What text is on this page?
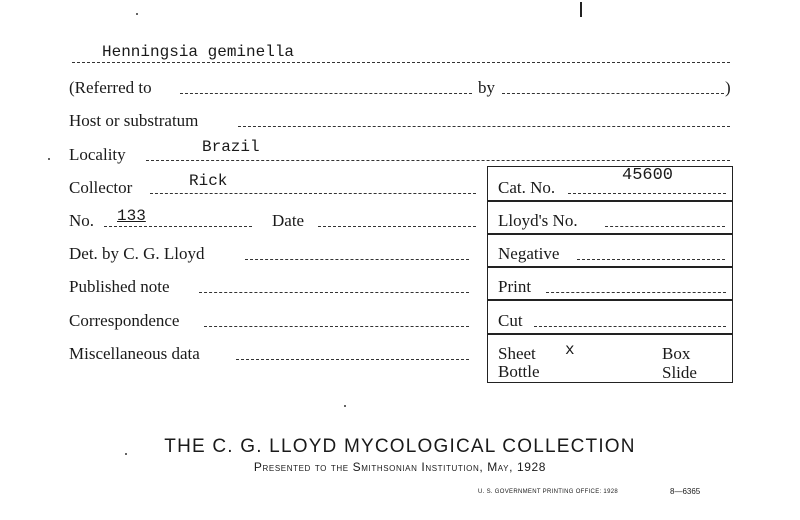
Henningsia geminella
(Referred to	by	)
Host or substratum
Locality	Brazil
Collector	Rick
No. 133	Date
Det. by C. G. Lloyd
Published note
Correspondence
Miscellaneous data
Cat. No.
45600
Lloyd's No.
Negative
Print
Cut
Sheet x	Box
Bottle	Slide
THE C. G. LLOYD MYCOLOGICAL COLLECTION
Presented to the Smithsonian Institution, May, 1928
U. S. GOVERNMENT PRINTING OFFICE: 1928	8—6365
